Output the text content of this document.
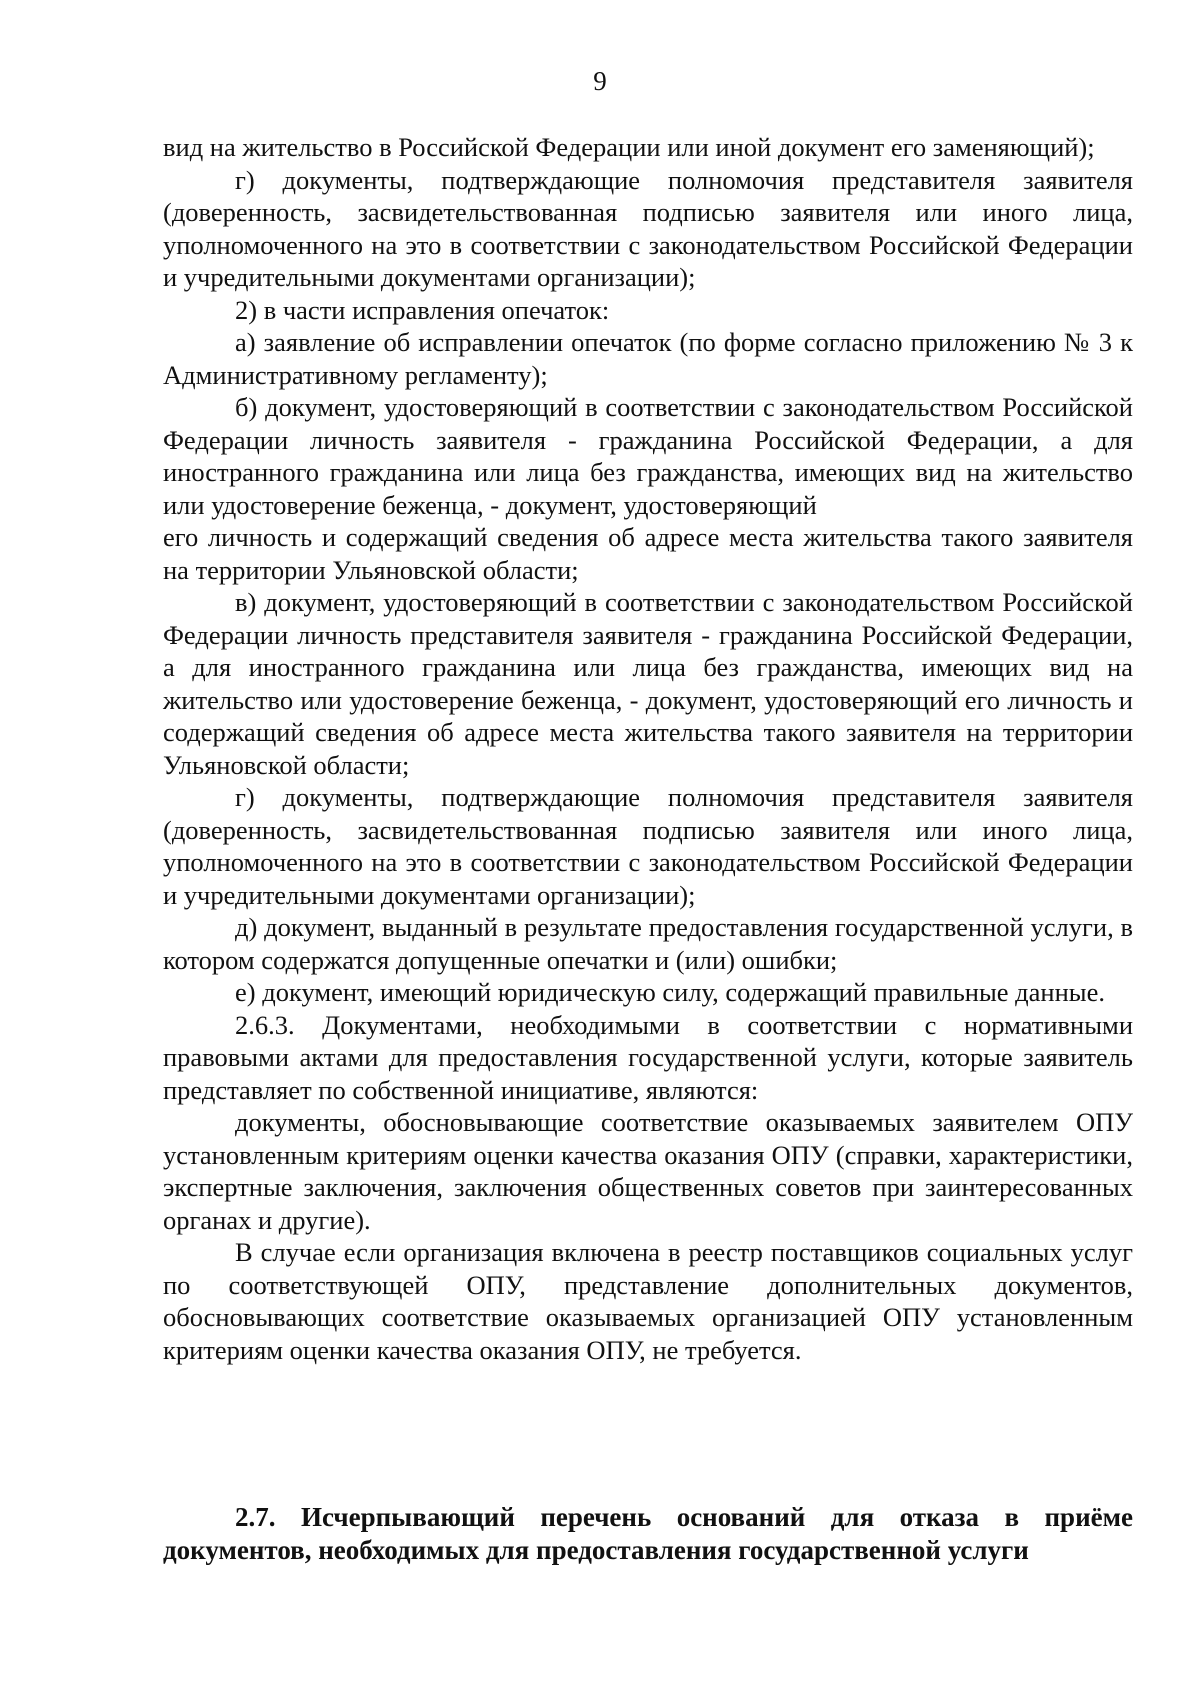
9

вид на жительство в Российской Федерации или иной документ его заменяющий);

г) документы, подтверждающие полномочия представителя заявителя (доверенность, засвидетельствованная подписью заявителя или иного лица, уполномоченного на это в соответствии с законодательством Российской Федерации и учредительными документами организации);

2) в части исправления опечаток:

а) заявление об исправлении опечаток (по форме согласно приложению № 3 к Административному регламенту);

б) документ, удостоверяющий в соответствии с законодательством Российской Федерации личность заявителя - гражданина Российской Федерации, а для иностранного гражданина или лица без гражданства, имеющих вид на жительство или удостоверение беженца, - документ, удостоверяющий

его личность и содержащий сведения об адресе места жительства такого заявителя на территории Ульяновской области;

в) документ, удостоверяющий в соответствии с законодательством Российской Федерации личность представителя заявителя - гражданина Российской Федерации, а для иностранного гражданина или лица без гражданства, имеющих вид на жительство или удостоверение беженца, - документ, удостоверяющий его личность и содержащий сведения об адресе места жительства такого заявителя на территории Ульяновской области;

г) документы, подтверждающие полномочия представителя заявителя (доверенность, засвидетельствованная подписью заявителя или иного лица, уполномоченного на это в соответствии с законодательством Российской Федерации и учредительными документами организации);

д) документ, выданный в результате предоставления государственной услуги, в котором содержатся допущенные опечатки и (или) ошибки;

е) документ, имеющий юридическую силу, содержащий правильные данные.

2.6.3. Документами, необходимыми в соответствии с нормативными правовыми актами для предоставления государственной услуги, которые заявитель представляет по собственной инициативе, являются:

документы, обосновывающие соответствие оказываемых заявителем ОПУ установленным критериям оценки качества оказания ОПУ (справки, характеристики, экспертные заключения, заключения общественных советов при заинтересованных органах и другие).

В случае если организация включена в реестр поставщиков социальных услуг по соответствующей ОПУ, представление дополнительных документов, обосновывающих соответствие оказываемых организацией ОПУ установленным критериям оценки качества оказания ОПУ, не требуется.

2.7. Исчерпывающий перечень оснований для отказа в приёме документов, необходимых для предоставления государственной услуги
